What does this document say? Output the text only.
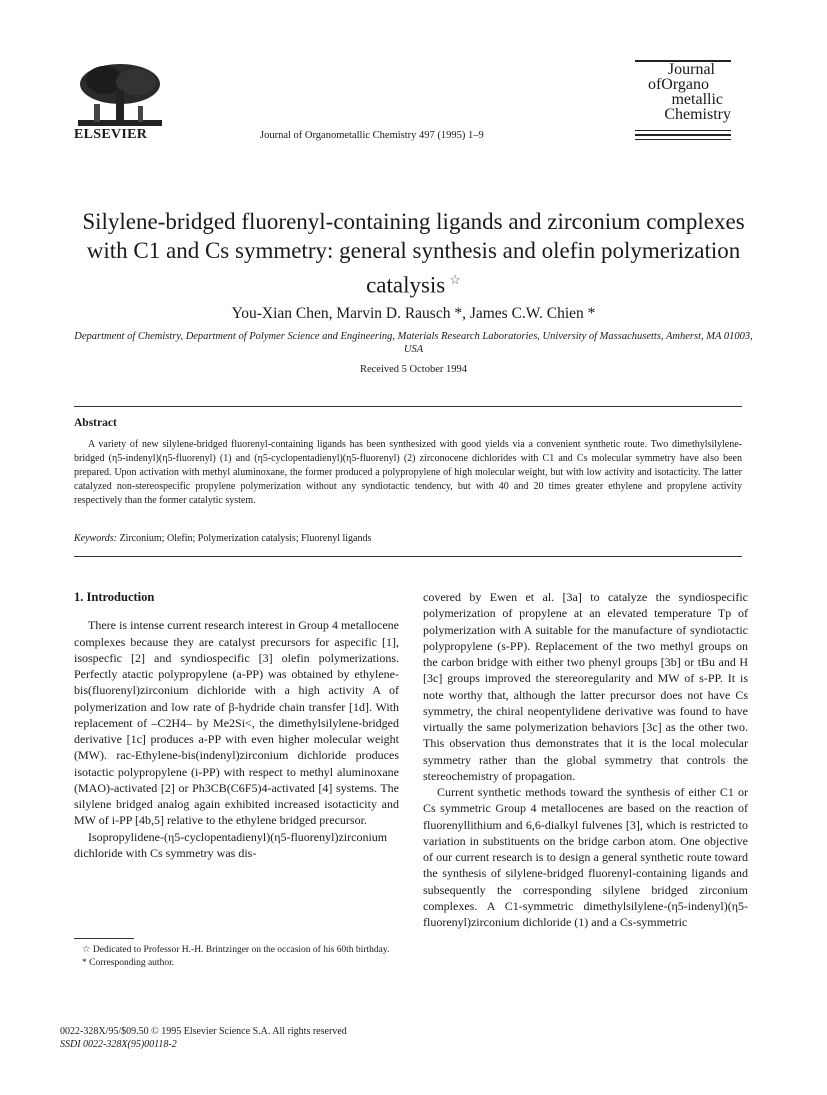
ELSEVIER	Journal of Organometallic Chemistry 497 (1995) 1–9
Journal
ofOrgano
metallic
Chemistry
Silylene-bridged fluorenyl-containing ligands and zirconium complexes with C1 and Cs symmetry: general synthesis and olefin polymerization catalysis ☆
You-Xian Chen, Marvin D. Rausch *, James C.W. Chien *
Department of Chemistry, Department of Polymer Science and Engineering, Materials Research Laboratories, University of Massachusetts, Amherst, MA 01003, USA
Received 5 October 1994
Abstract
A variety of new silylene-bridged fluorenyl-containing ligands has been synthesized with good yields via a convenient synthetic route. Two dimethylsilylene-bridged (η5-indenyl)(η5-fluorenyl) (1) and (η5-cyclopentadienyl)(η5-fluorenyl) (2) zirconocene dichlorides with C1 and Cs molecular symmetry have also been prepared. Upon activation with methyl aluminoxane, the former produced a polypropylene of high molecular weight, but with low activity and isotacticity. The latter catalyzed non-stereospecific propylene polymerization without any syndiotactic tendency, but with 40 and 20 times greater ethylene and propylene activity respectively than the former catalytic system.
Keywords: Zirconium; Olefin; Polymerization catalysis; Fluorenyl ligands
1. Introduction

There is intense current research interest in Group 4 metallocene complexes because they are catalyst precursors for aspecific [1], isospecfic [2] and syndiospecific [3] olefin polymerizations. Perfectly atactic polypropylene (a-PP) was obtained by ethylene-bis(fluorenyl)zirconium dichloride with a high activity A of polymerization and low rate of β-hydride chain transfer [1d]. With replacement of –C2H4– by Me2Si<, the dimethylsilylene-bridged derivative [1c] produces a-PP with even higher molecular weight (MW). rac-Ethylene-bis(indenyl)zirconium dichloride produces isotactic polypropylene (i-PP) with respect to methyl aluminoxane (MAO)-activated [2] or Ph3CB(C6F5)4-activated [4] systems. The silylene bridged analog again exhibited increased isotacticity and MW of i-PP [4b,5] relative to the ethylene bridged precursor.

Isopropylidene-(η5-cyclopentadienyl)(η5-fluorenyl)zirconium dichloride with Cs symmetry was dis-

covered by Ewen et al. [3a] to catalyze the syndiospecific polymerization of propylene at an elevated temperature Tp of polymerization with A suitable for the manufacture of syndiotactic polypropylene (s-PP). Replacement of the two methyl groups on the carbon bridge with either two phenyl groups [3b] or tBu and H [3c] groups improved the stereoregularity and MW of s-PP. It is note worthy that, although the latter precursor does not have Cs symmetry, the chiral neopentylidene derivative was found to have virtually the same polymerization behaviors [3c] as the other two. This observation thus demonstrates that it is the local molecular symmetry rather than the global symmetry that controls the stereochemistry of propagation.

Current synthetic methods toward the synthesis of either C1 or Cs symmetric Group 4 metallocenes are based on the reaction of fluorenyllithium and 6,6-dialkyl fulvenes [3], which is restricted to variation in substituents on the bridge carbon atom. One objective of our current research is to design a general synthetic route toward the synthesis of silylene-bridged fluorenyl-containing ligands and subsequently the corresponding silylene bridged zirconium complexes. A C1-symmetric dimethylsilylene-(η5-indenyl)(η5-fluorenyl)zirconium dichloride (1) and a Cs-symmetric

☆ Dedicated to Professor H.-H. Brintzinger on the occasion of his 60th birthday.
* Corresponding author.
0022-328X/95/$09.50 © 1995 Elsevier Science S.A. All rights reserved
SSDI 0022-328X(95)00118-2
